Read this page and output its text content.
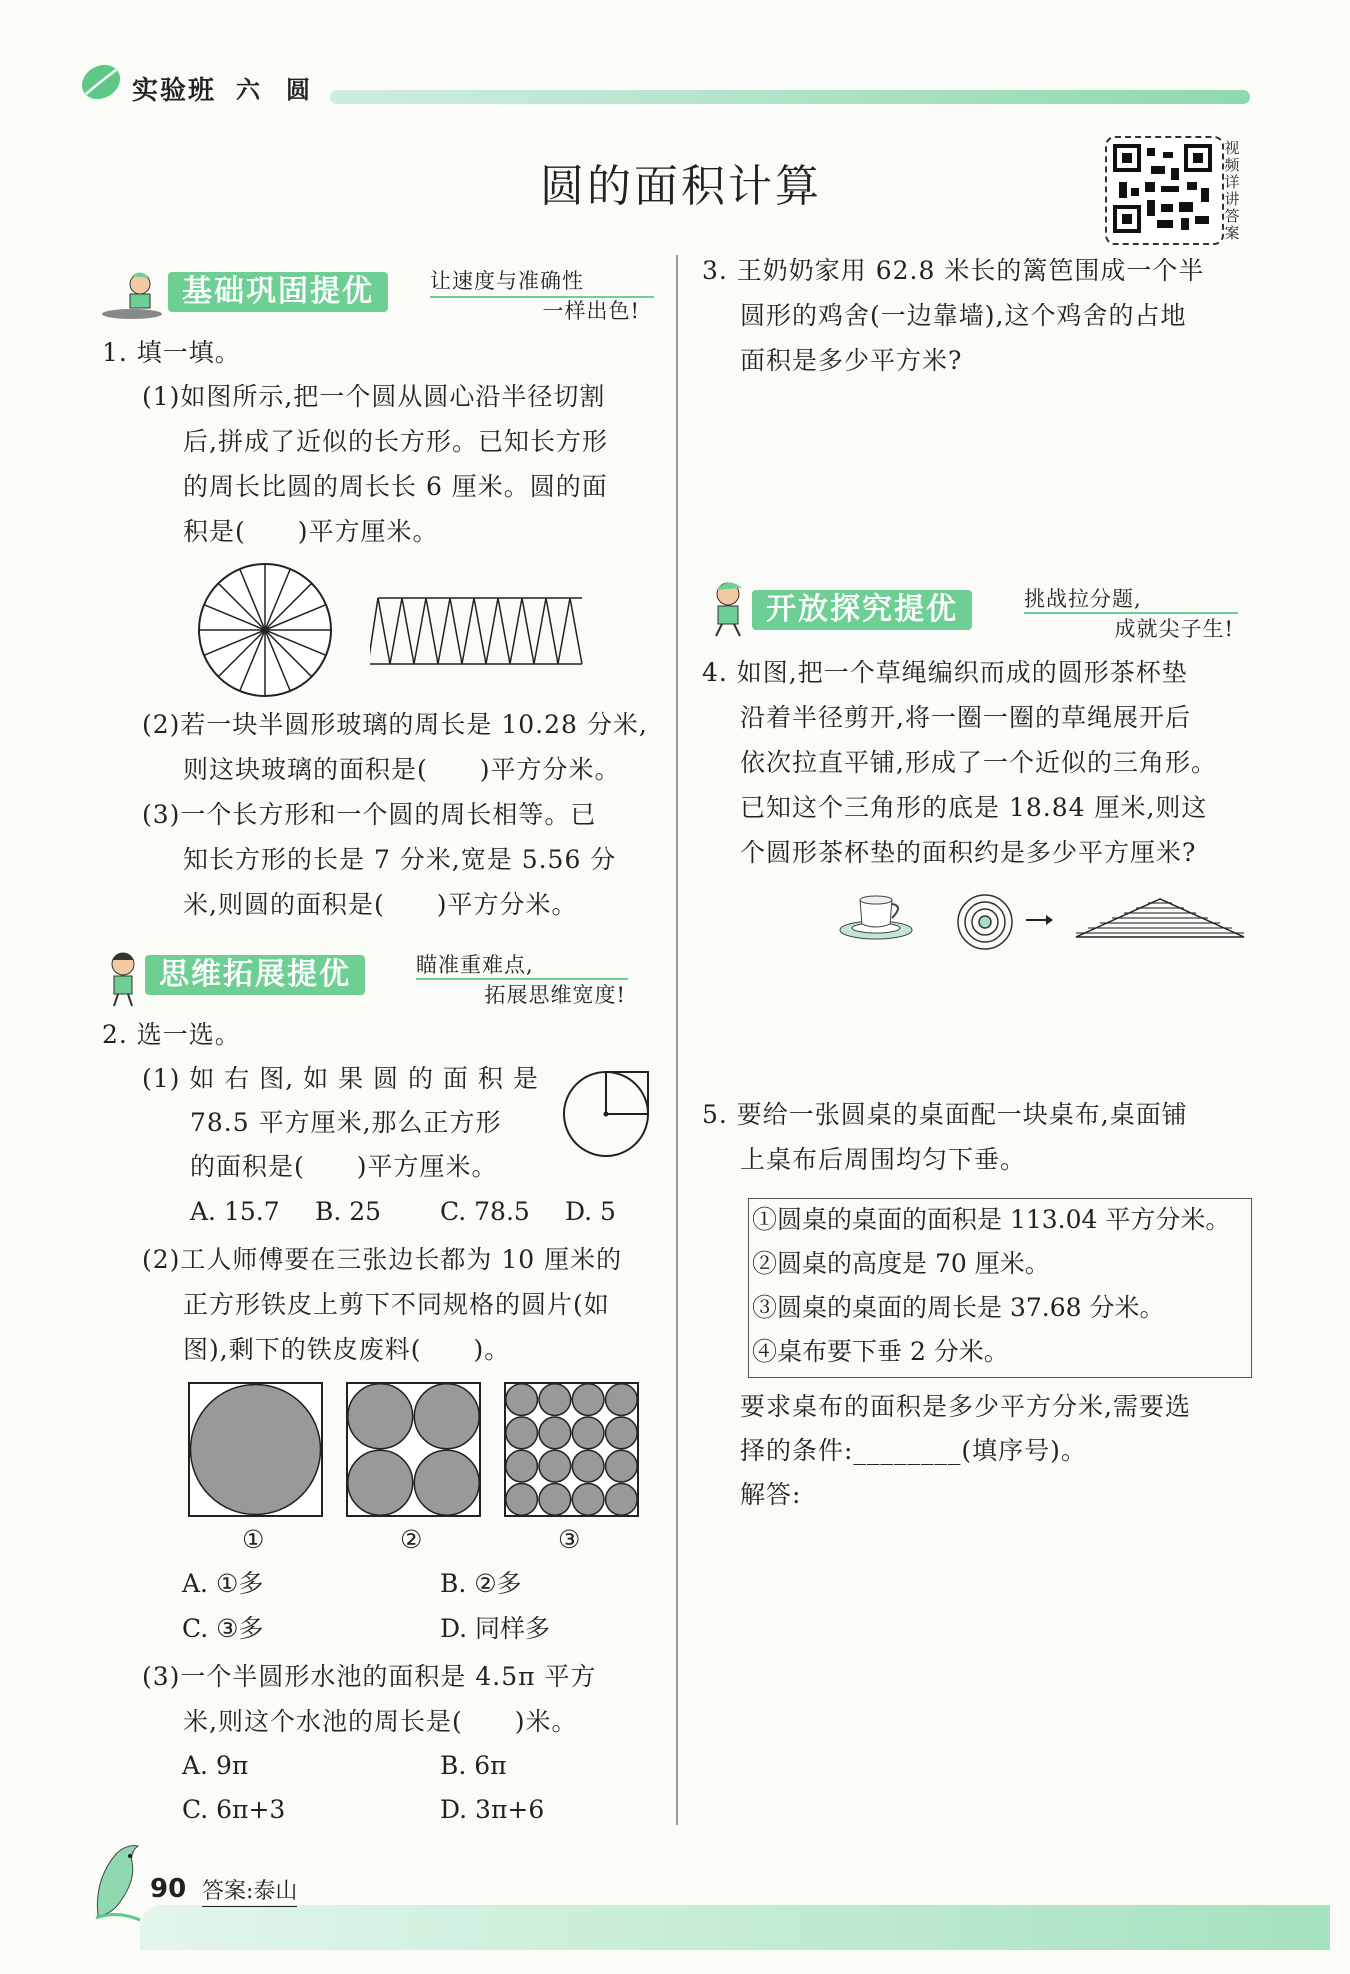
实验班 六 圆
圆的面积计算
视频详讲答案
基础巩固提优	让速度与准确性
一样出色!
1. 填一填。
(1)如图所示,把一个圆从圆心沿半径切割
后,拼成了近似的长方形。已知长方形
的周长比圆的周长长 6 厘米。圆的面
积是(　　)平方厘米。
(2)若一块半圆形玻璃的周长是 10.28 分米,
则这块玻璃的面积是(　　)平方分米。
(3)一个长方形和一个圆的周长相等。已
知长方形的长是 7 分米,宽是 5.56 分
米,则圆的面积是(　　)平方分米。
思维拓展提优	瞄准重难点,
拓展思维宽度!
2. 选一选。
(1) 如 右 图, 如 果 圆 的 面 积 是
78.5 平方厘米,那么正方形
的面积是(　　)平方厘米。
A. 15.7 B. 25 C. 78.5 D. 5
(2)工人师傅要在三张边长都为 10 厘米的
正方形铁皮上剪下不同规格的圆片(如
图),剩下的铁皮废料(　　)。
①	②	③
A. ①多	B. ②多
C. ③多	D. 同样多
(3)一个半圆形水池的面积是 4.5π 平方
米,则这个水池的周长是(　　)米。
A. 9π	B. 6π
C. 6π+3	D. 3π+6
3. 王奶奶家用 62.8 米长的篱笆围成一个半
圆形的鸡舍(一边靠墙),这个鸡舍的占地
面积是多少平方米?
开放探究提优	挑战拉分题,
成就尖子生!
4. 如图,把一个草绳编织而成的圆形茶杯垫
沿着半径剪开,将一圈一圈的草绳展开后
依次拉直平铺,形成了一个近似的三角形。
已知这个三角形的底是 18.84 厘米,则这
个圆形茶杯垫的面积约是多少平方厘米?
5. 要给一张圆桌的桌面配一块桌布,桌面铺
上桌布后周围均匀下垂。
①圆桌的桌面的面积是 113.04 平方分米。
②圆桌的高度是 70 厘米。
③圆桌的桌面的周长是 37.68 分米。
④桌布要下垂 2 分米。
要求桌布的面积是多少平方分米,需要选
择的条件:________(填序号)。
解答:
90 答案:泰山
